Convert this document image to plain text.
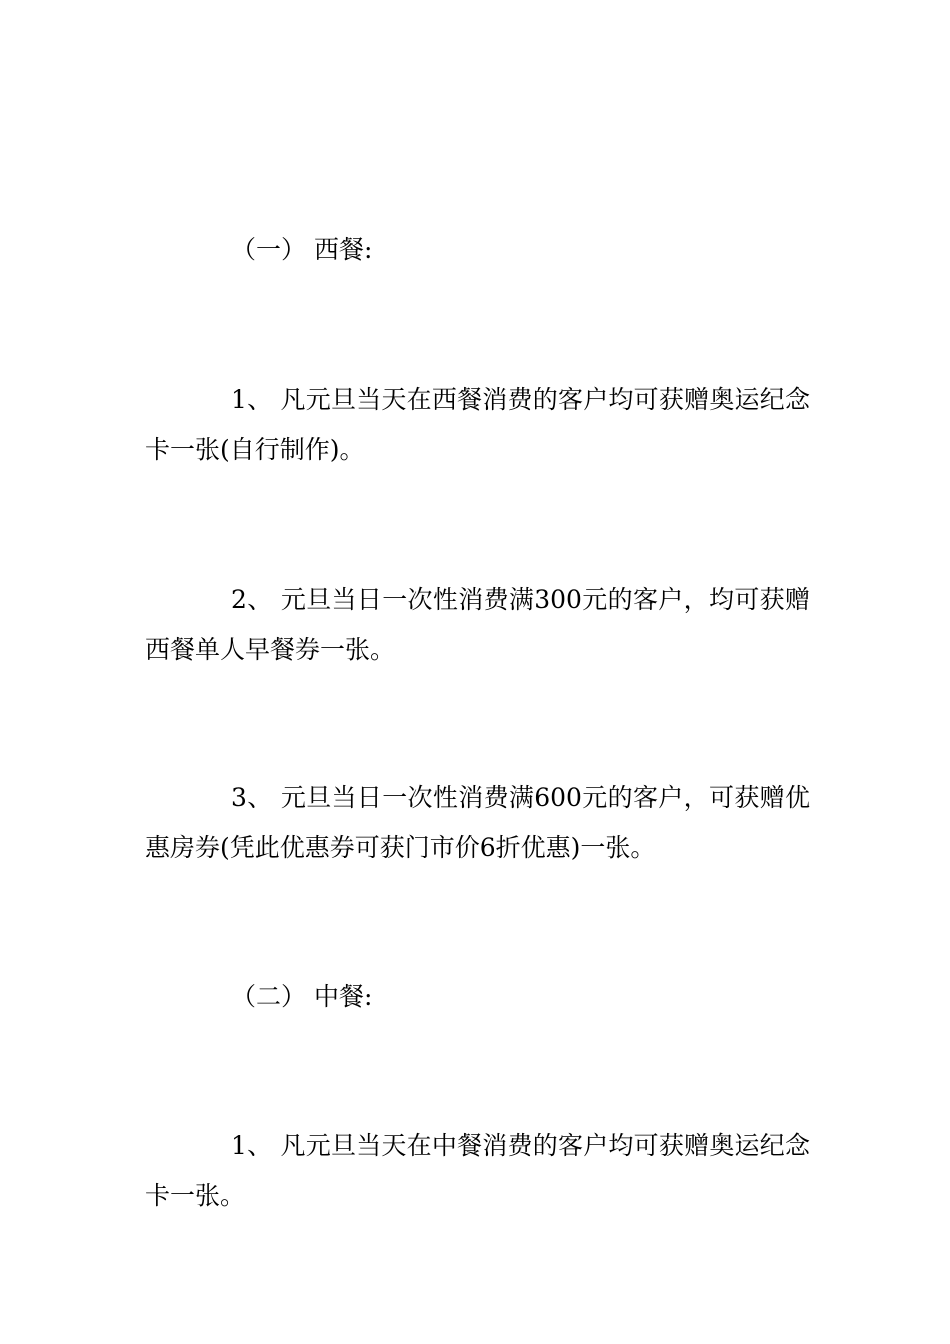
（一） 西餐:

1、 凡元旦当天在西餐消费的客户均可获赠奥运纪念卡一张(自行制作)。

2、 元旦当日一次性消费满300元的客户，均可获赠西餐单人早餐券一张。

3、 元旦当日一次性消费满600元的客户，可获赠优惠房券(凭此优惠券可获门市价6折优惠)一张。

（二） 中餐:

1、 凡元旦当天在中餐消费的客户均可获赠奥运纪念卡一张。
